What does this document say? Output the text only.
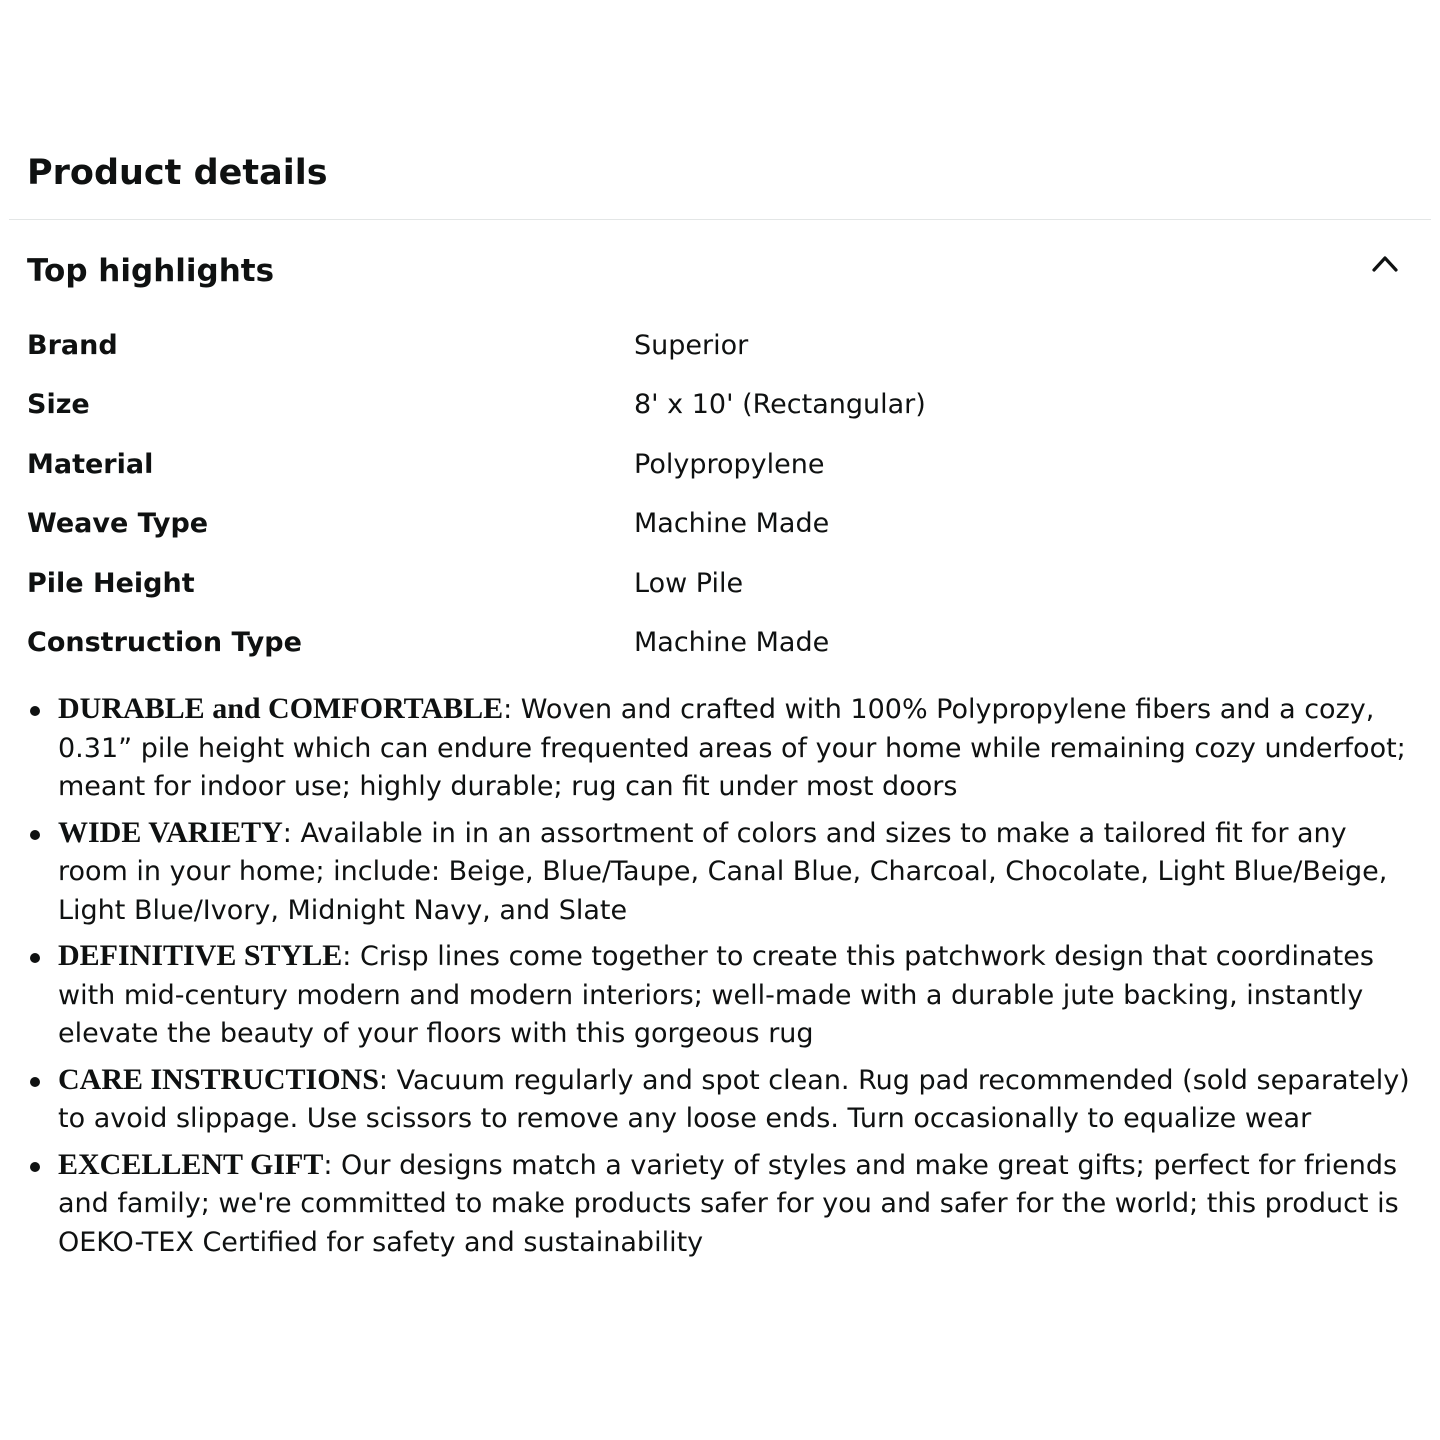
Product details
Top highlights
Brand	Superior
Size	8' x 10' (Rectangular)
Material	Polypropylene
Weave Type	Machine Made
Pile Height	Low Pile
Construction Type	Machine Made
DURABLE and COMFORTABLE: Woven and crafted with 100% Polypropylene fibers and a cozy, 0.31” pile height which can endure frequented areas of your home while remaining cozy underfoot; meant for indoor use; highly durable; rug can fit under most doors
WIDE VARIETY: Available in in an assortment of colors and sizes to make a tailored fit for any room in your home; include: Beige, Blue/Taupe, Canal Blue, Charcoal, Chocolate, Light Blue/Beige, Light Blue/Ivory, Midnight Navy, and Slate
DEFINITIVE STYLE: Crisp lines come together to create this patchwork design that coordinates with mid-century modern and modern interiors; well-made with a durable jute backing, instantly elevate the beauty of your floors with this gorgeous rug
CARE INSTRUCTIONS: Vacuum regularly and spot clean. Rug pad recommended (sold separately) to avoid slippage. Use scissors to remove any loose ends. Turn occasionally to equalize wear
EXCELLENT GIFT: Our designs match a variety of styles and make great gifts; perfect for friends and family; we're committed to make products safer for you and safer for the world; this product is OEKO-TEX Certified for safety and sustainability
